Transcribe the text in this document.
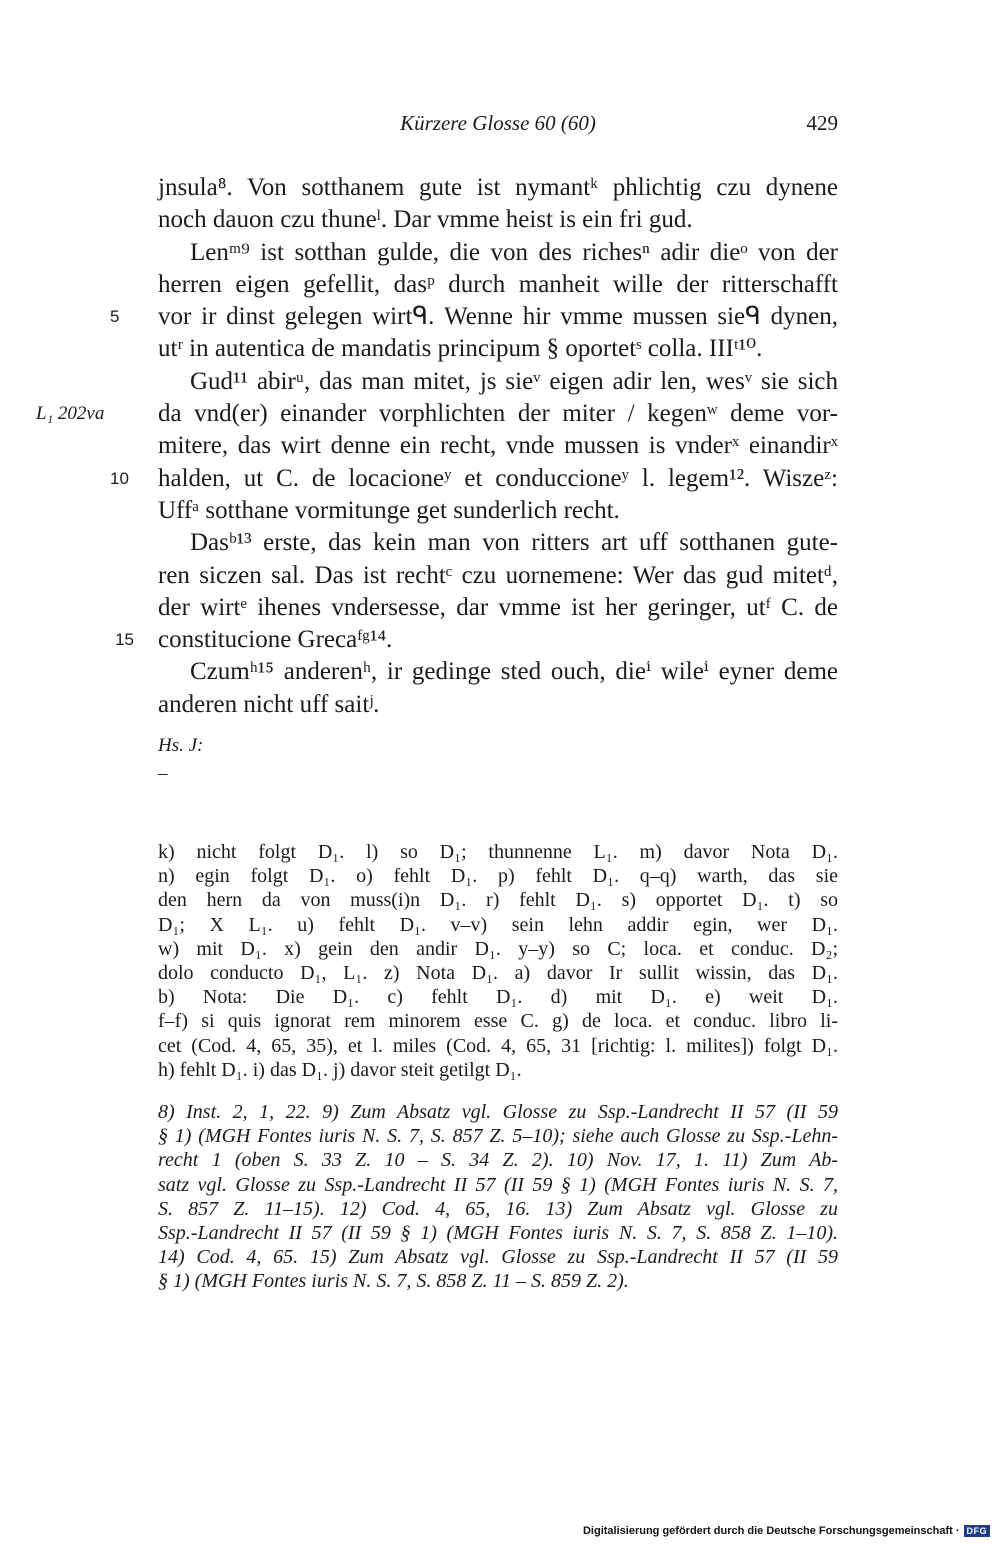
Kürzere Glosse 60 (60)	429
jnsula⁸. Von sotthanem gute ist nymantᵏ phlichtig czu dynene
noch dauon czu thuneˡ. Dar vmme heist is ein fri gud.
Lenᵐ⁹ ist sotthan gulde, die von des richesⁿ adir dieᵒ von der
herren eigen gefellit, dasᵖ durch manheit wille der ritterschafft
5	vor ir dinst gelegen wirtᑫ. Wenne hir vmme mussen sieᑫ dynen,
utʳ in autentica de mandatis principum § oportetˢ colla. IIIᵗ¹⁰.
Gud¹¹ abirᵘ, das man mitet, js sieᵛ eigen adir len, wesᵛ sie sich
L₁ 202va da vnd(er) einander vorphlichten der miter / kegenʷ deme vor-
mitere, das wirt denne ein recht, vnde mussen is vnderˣ einandirˣ
10 halden, ut C. de locacioneʸ et conduccioneʸ l. legem¹². Wiszeᶻ:
Uffᵃ sotthane vormitunge get sunderlich recht.
Dasᵇ¹³ erste, das kein man von ritters art uff sotthanen gute-
ren siczen sal. Das ist rechtᶜ czu uornemene: Wer das gud mitetᵈ,
der wirtᵉ ihenes vndersesse, dar vmme ist her geringer, utᶠ C. de
15 constitucione Grecaᶠᵍ¹⁴.
Czumʰ¹⁵ anderenʰ, ir gedinge sted ouch, dieⁱ wileⁱ eyner deme
anderen nicht uff saitʲ.
Hs. J:
–
k) nicht folgt D₁. l) so D₁; thunnenne L₁. m) davor Nota D₁.
n) egin folgt D₁. o) fehlt D₁. p) fehlt D₁. q–q) warth, das sie
den hern da von muss(i)n D₁. r) fehlt D₁. s) opportet D₁. t) so
D₁; X L₁. u) fehlt D₁. v–v) sein lehn addir egin, wer D₁.
w) mit D₁. x) gein den andir D₁. y–y) so C; loca. et conduc. D₂;
dolo conducto D₁, L₁. z) Nota D₁. a) davor Ir sullit wissin, das D₁.
b) Nota: Die D₁. c) fehlt D₁. d) mit D₁. e) weit D₁.
f–f) si quis ignorat rem minorem esse C. g) de loca. et conduc. libro li-
cet (Cod. 4, 65, 35), et l. miles (Cod. 4, 65, 31 [richtig: l. milites]) folgt D₁.
h) fehlt D₁. i) das D₁. j) davor steit getilgt D₁.
8) Inst. 2, 1, 22. 9) Zum Absatz vgl. Glosse zu Ssp.-Landrecht II 57 (II 59
§ 1) (MGH Fontes iuris N. S. 7, S. 857 Z. 5–10); siehe auch Glosse zu Ssp.-Lehn-
recht 1 (oben S. 33 Z. 10 – S. 34 Z. 2). 10) Nov. 17, 1. 11) Zum Ab-
satz vgl. Glosse zu Ssp.-Landrecht II 57 (II 59 § 1) (MGH Fontes iuris N. S. 7,
S. 857 Z. 11–15). 12) Cod. 4, 65, 16. 13) Zum Absatz vgl. Glosse zu
Ssp.-Landrecht II 57 (II 59 § 1) (MGH Fontes iuris N. S. 7, S. 858 Z. 1–10).
14) Cod. 4, 65. 15) Zum Absatz vgl. Glosse zu Ssp.-Landrecht II 57 (II 59
§ 1) (MGH Fontes iuris N. S. 7, S. 858 Z. 11 – S. 859 Z. 2).
Digitalisierung gefördert durch die Deutsche Forschungsgemeinschaft · DFG
